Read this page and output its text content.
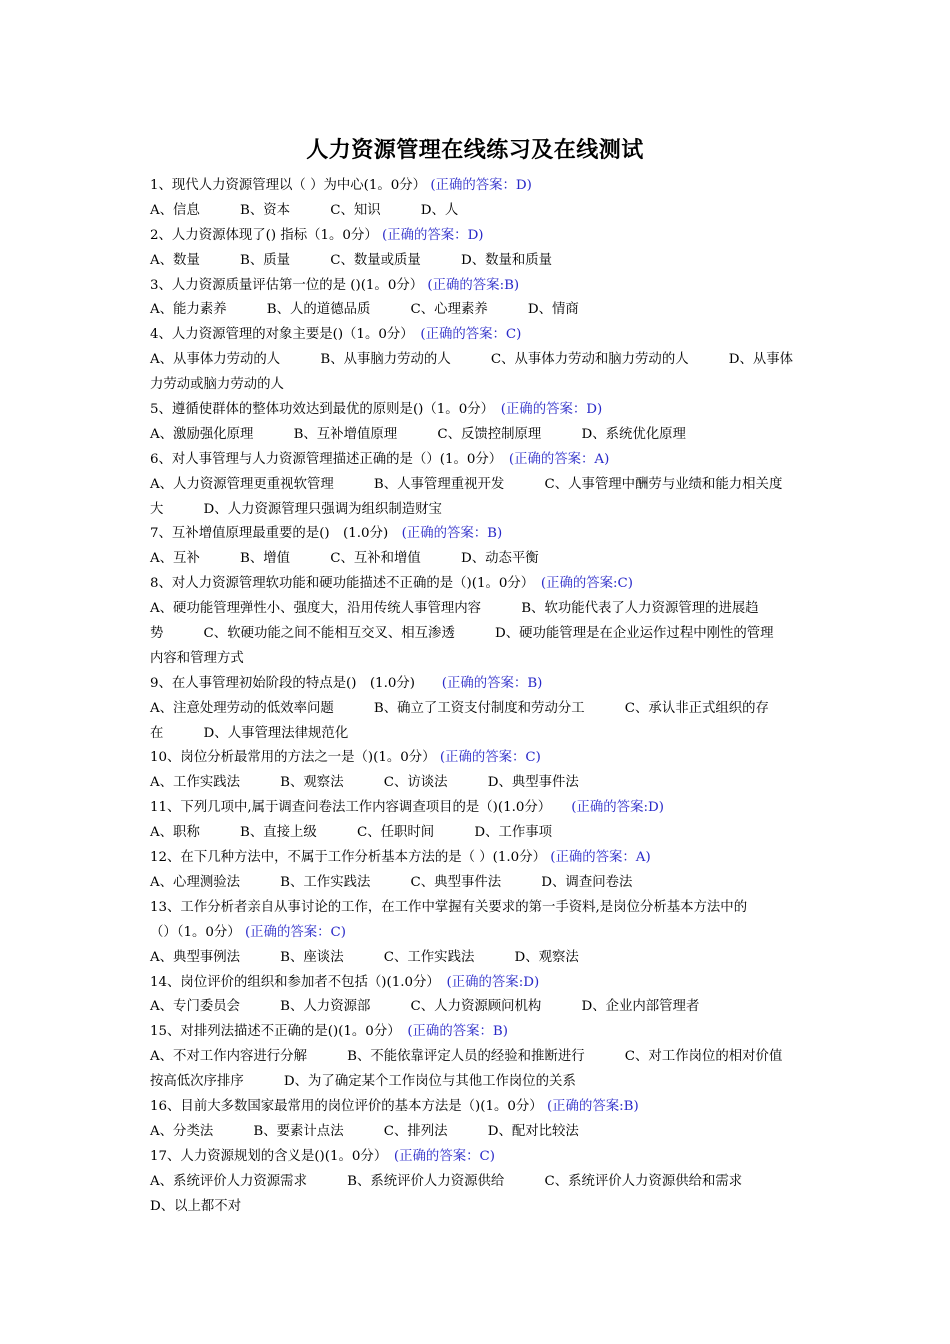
人力资源管理在线练习及在线测试
1、现代人力资源管理以（ ）为中心(1。0分） (正确的答案：D)
A、信息　　　B、资本　　　C、知识　　　D、人
2、人力资源体现了() 指标（1。0分） (正确的答案：D)
A、数量　　　B、质量　　　C、数量或质量　　　D、数量和质量
3、人力资源质量评估第一位的是 ()(1。0分） (正确的答案:B)
A、能力素养　　　B、人的道德品质　　　C、心理素养　　　D、情商
4、人力资源管理的对象主要是()（1。0分）　(正确的答案：C)
A、从事体力劳动的人　　　B、从事脑力劳动的人　　　C、从事体力劳动和脑力劳动的人　　　D、从事体
力劳动或脑力劳动的人
5、遵循使群体的整体功效达到最优的原则是()（1。0分）　(正确的答案：D)
A、激励强化原理　　　B、互补增值原理　　　C、反馈控制原理　　　D、系统优化原理
6、对人事管理与人力资源管理描述正确的是（）(1。0分）　(正确的答案：A)
A、人力资源管理更重视软管理　　　B、人事管理重视开发　　　C、人事管理中酬劳与业绩和能力相关度
大　　　D、人力资源管理只强调为组织制造财宝
7、互补增值原理最重要的是()　(1.0分)　(正确的答案：B)
A、互补　　　B、增值　　　C、互补和增值　　　D、动态平衡
8、对人力资源管理软功能和硬功能描述不正确的是（)(1。0分）　(正确的答案:C)
A、硬功能管理弹性小、强度大，沿用传统人事管理内容　　　B、软功能代表了人力资源管理的进展趋
势　　　C、软硬功能之间不能相互交叉、相互渗透　　　D、硬功能管理是在企业运作过程中刚性的管理
内容和管理方式
9、在人事管理初始阶段的特点是()　(1.0分)　　(正确的答案：B)
A、注意处理劳动的低效率问题　　　B、确立了工资支付制度和劳动分工　　　C、承认非正式组织的存
在　　　D、人事管理法律规范化
10、岗位分析最常用的方法之一是（)(1。0分） (正确的答案：C)
A、工作实践法　　　B、观察法　　　C、访谈法　　　D、典型事件法
11、下列几项中,属于调查问卷法工作内容调查项目的是（)(1.0分）　　(正确的答案:D)
A、职称　　　B、直接上级　　　C、任职时间　　　D、工作事项
12、在下几种方法中，不属于工作分析基本方法的是（ ）(1.0分） (正确的答案：A)
A、心理测验法　　　B、工作实践法　　　C、典型事件法　　　D、调查问卷法
13、工作分析者亲自从事讨论的工作，在工作中掌握有关要求的第一手资料,是岗位分析基本方法中的
（）（1。0分） (正确的答案：C)
A、典型事例法　　　B、座谈法　　　C、工作实践法　　　D、观察法
14、岗位评价的组织和参加者不包括（)(1.0分）　(正确的答案:D)
A、专门委员会　　　B、人力资源部　　　C、人力资源顾问机构　　　D、企业内部管理者
15、对排列法描述不正确的是()(1。0分）　(正确的答案：B)
A、不对工作内容进行分解　　　B、不能依靠评定人员的经验和推断进行　　　C、对工作岗位的相对价值
按高低次序排序　　　D、为了确定某个工作岗位与其他工作岗位的关系
16、目前大多数国家最常用的岗位评价的基本方法是（)(1。0分） (正确的答案:B)
A、分类法　　　B、要素计点法　　　C、排列法　　　D、配对比较法
17、人力资源规划的含义是()(1。0分）　(正确的答案：C)
A、系统评价人力资源需求　　　B、系统评价人力资源供给　　　C、系统评价人力资源供给和需求
D、以上都不对
